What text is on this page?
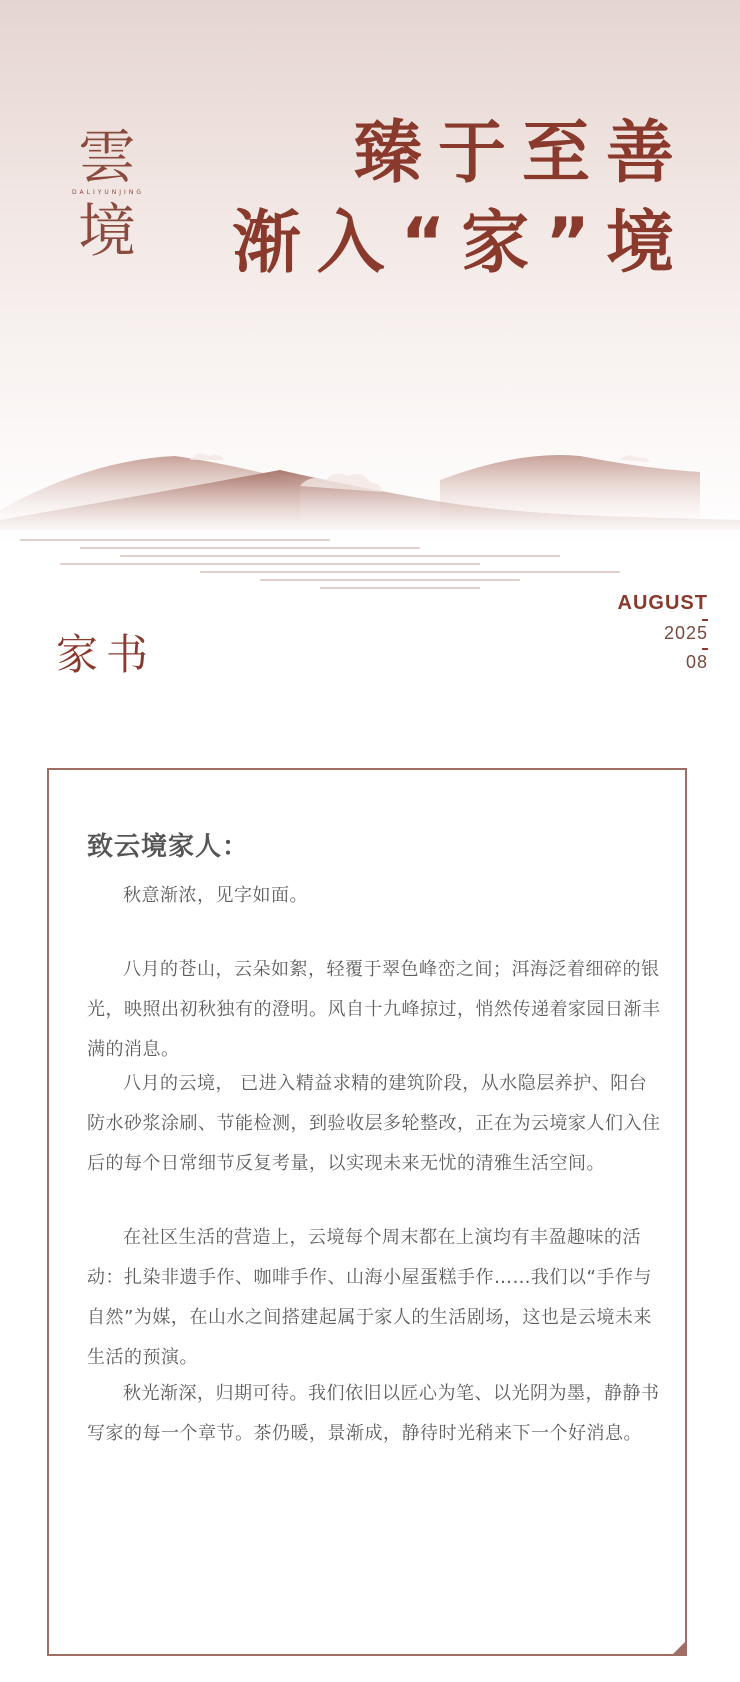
雲
DALIYUNJING
境
臻于至善
渐入“家”境
家书
AUGUST
2025
08
致云境家人：

秋意渐浓，见字如面。

八月的苍山，云朵如絮，轻覆于翠色峰峦之间；洱海泛着细碎的银光，映照出初秋独有的澄明。风自十九峰掠过，悄然传递着家园日渐丰满的消息。

八月的云境， 已进入精益求精的建筑阶段，从水隐层养护、阳台防水砂浆涂刷、节能检测，到验收层多轮整改，正在为云境家人们入住后的每个日常细节反复考量，以实现未来无忧的清雅生活空间。

在社区生活的营造上，云境每个周末都在上演均有丰盈趣味的活动：扎染非遗手作、咖啡手作、山海小屋蛋糕手作……我们以“手作与自然”为媒，在山水之间搭建起属于家人的生活剧场，这也是云境未来生活的预演。

秋光渐深，归期可待。我们依旧以匠心为笔、以光阴为墨，静静书写家的每一个章节。茶仍暖，景渐成，静待时光稍来下一个好消息。
